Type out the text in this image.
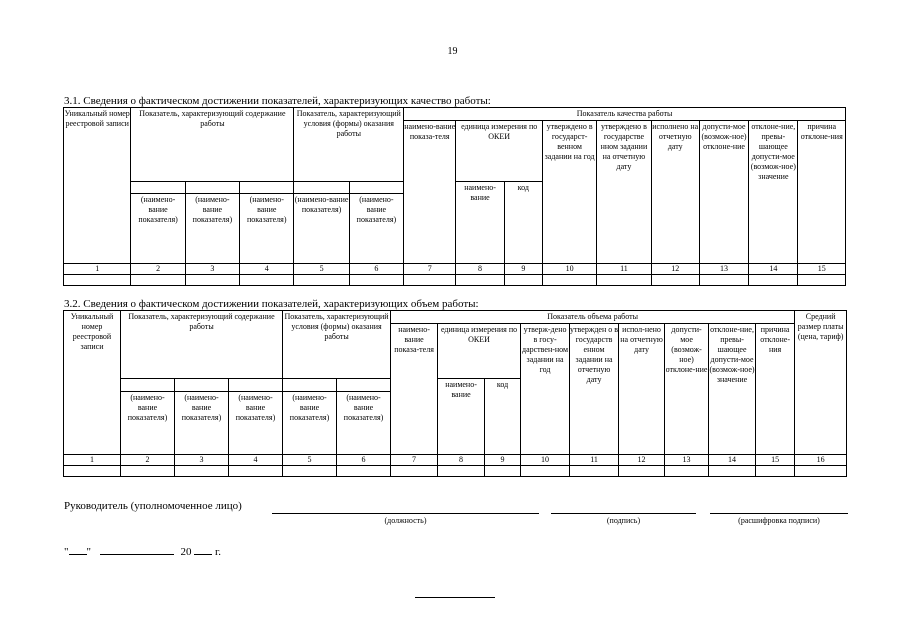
19
3.1. Сведения о фактическом достижении показателей, характеризующих качество работы:
Уникальный номер реестровой записи	Показатель, характеризующий содержание работы			Показатель, характеризующий условия (формы) оказания работы		Показатель качества работы								
						наимено-вание показа-теля	единица измерения по ОКЕИ		утверждено в государст-венном задании на год	утверждено в государстве нном задании на отчетную дату	исполнено на отчетную дату	допусти-мое (возмож-ное) отклоне-ние	отклоне-ние, превы-шающее допусти-мое (возмож-ное) значение	причина отклоне-ния
							наимено-вание	код						
	(наимено-вание показателя)	(наимено-вание показателя)	(наимено-вание показателя)	(наимено-вание показателя)	(наимено-вание показателя)									
1	2	3	4	5	6	7	8	9	10	11	12	13	14	15

3.2. Сведения о фактическом достижении показателей, характеризующих объем работы:
Уникальный номер реестровой записи	Показатель, характеризующий содержание работы			Показатель, характеризующий условия (формы) оказания работы		Показатель объема работы									Средний размер платы (цена, тариф)
						наимено-вание показа-теля	единица измерения по ОКЕИ		утверж-дено в госу-дарствен-ном задании на год	утвержден о в государств енном задании на отчетную дату	испол-нено на отчетную дату	допусти-мое (возмож-ное) отклоне-ние	отклоне-ние, превы-шающее допусти-мое (возмож-ное) значение	причина отклоне-ния	
							наимено-вание	код							
	(наимено-вание показателя)	(наимено-вание показателя)	(наимено-вание показателя)	(наимено-вание показателя)	(наимено-вание показателя)										
1	2	3	4	5	6	7	8	9	10	11	12	13	14	15	16

Руководитель (уполномоченное лицо)
(должность)	(подпись)	(расшифровка подписи)
" "	20 г.
